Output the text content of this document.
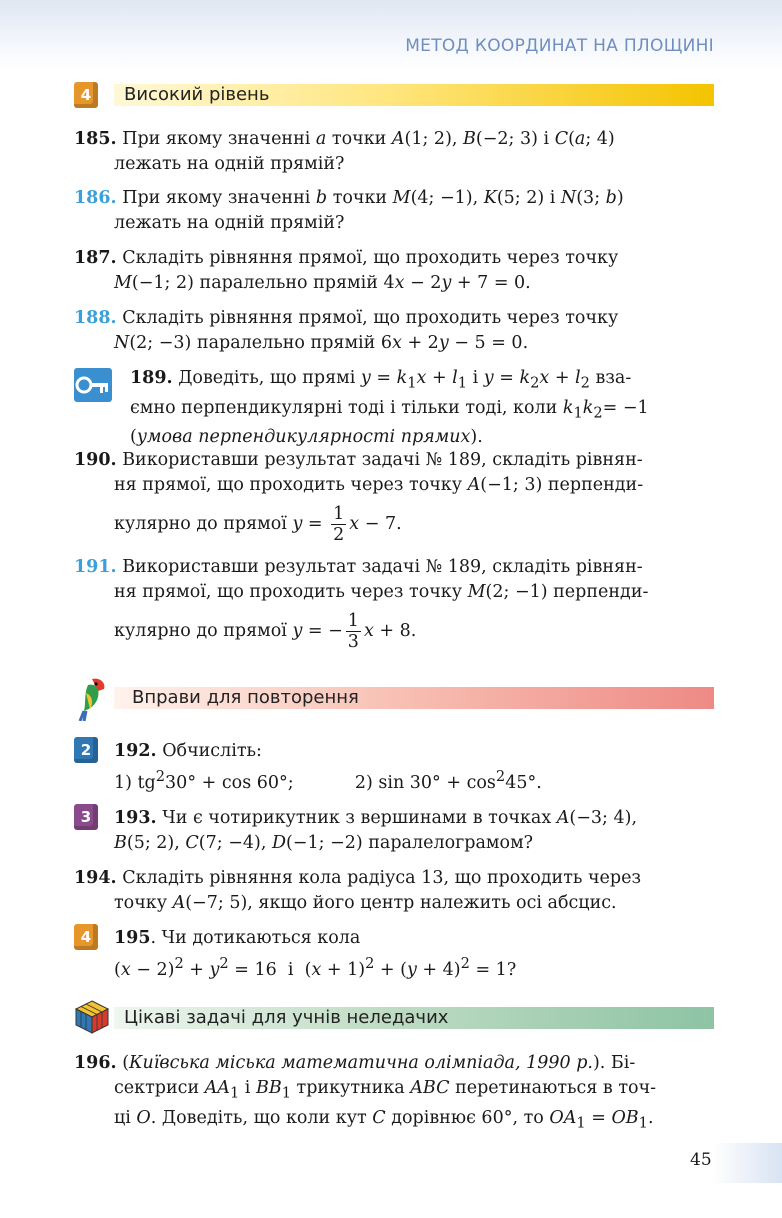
МЕТОД КООРДИНАТ НА ПЛОЩИНІ
4	Високий рівень
185. При якому значенні a точки A(1; 2), B(−2; 3) і C(a; 4)
лежать на одній прямій?
186. При якому значенні b точки M(4; −1), K(5; 2) і N(3; b)
лежать на одній прямій?
187. Складіть рівняння прямої, що проходить через точку
M(−1; 2) паралельно прямій 4x − 2y + 7 = 0.
188. Складіть рівняння прямої, що проходить через точку
N(2; −3) паралельно прямій 6x + 2y − 5 = 0.
189. Доведіть, що прямі $y = k_1x + l_1$ і $y = k_2x + l_2$ вза-
ємно перпендикулярні тоді і тільки тоді, коли $k_1k_2= -1$
(умова перпендикулярності прямих).
190. Використавши результат задачі № 189, складіть рівнян-
ня прямої, що проходить через точку A(−1; 3) перпенди-
кулярно до прямої $y = \frac{1}{2}$ x − 7.
191. Використавши результат задачі № 189, складіть рівнян-
ня прямої, що проходить через точку M(2; −1) перпенди-
кулярно до прямої y = − $\frac{1}{3}$ x + 8.
Вправи для повторення
2	192. Обчисліть:
1) $tg^230^\circ + \cos 60^\circ$;           2) $\sin 30^\circ + \cos^245^\circ$.
3	193. Чи є чотирикутник з вершинами в точках A(−3; 4),
B(5; 2), C(7; −4), D(−1; −2) паралелограмом?
194. Складіть рівняння кола радіуса 13, що проходить через
точку A(−7; 5), якщо його центр належить осі абсцис.
4	195. Чи дотикаються кола
$(x - 2)^2 + y^2 = 16$  і  $(x + 1)^2 + (y + 4)^2 = 1$?
Цікаві задачі для учнів неледачих
196. (Київська міська математична олімпіада, 1990 р.). Бі-
сектриси $AA_1$ і $BB_1$ трикутника ABC перетинаються в точ-
ці O. Доведіть, що коли кут C дорівнює 60°, то $OA_1 = OB_1$.
45
